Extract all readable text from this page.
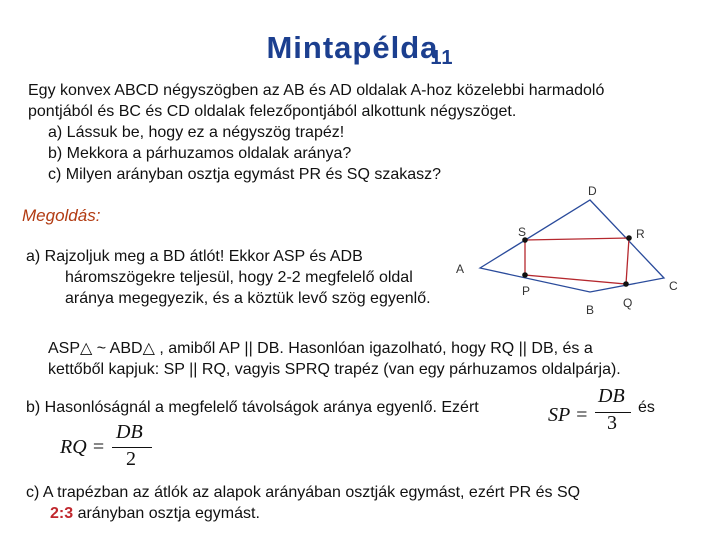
Mintapélda$_{11}$
Egy konvex ABCD négyszögben az AB és AD oldalak A-hoz közelebbi harmadoló
pontjából és BC és CD oldalak felezőpontjából alkottunk négyszöget.
a) Lássuk be, hogy ez a négyszög trapéz!
b) Mekkora a párhuzamos oldalak aránya?
c) Milyen arányban osztja egymást PR és SQ szakasz?
Megoldás:
D
R
S
A
C
P
B Q
a) Rajzoljuk meg a BD átlót! Ekkor ASP és ADB
háromszögekre teljesül, hogy 2-2 megfelelő oldal
aránya megegyezik, és a köztük levő szög egyenlő.
ASP△ ~ ABD△ , amiből AP || DB. Hasonlóan igazolható, hogy RQ || DB, és a
kettőből kapjuk: SP || RQ, vagyis SPRQ trapéz (van egy párhuzamos oldalpárja).
b) Hasonlóságnál a megfelelő távolságok aránya egyenlő. Ezért	SP =
DB
3
és
RQ =
DB
2
c) A trapézban az átlók az alapok arányában osztják egymást, ezért PR és SQ
2:3 arányban osztja egymást.
